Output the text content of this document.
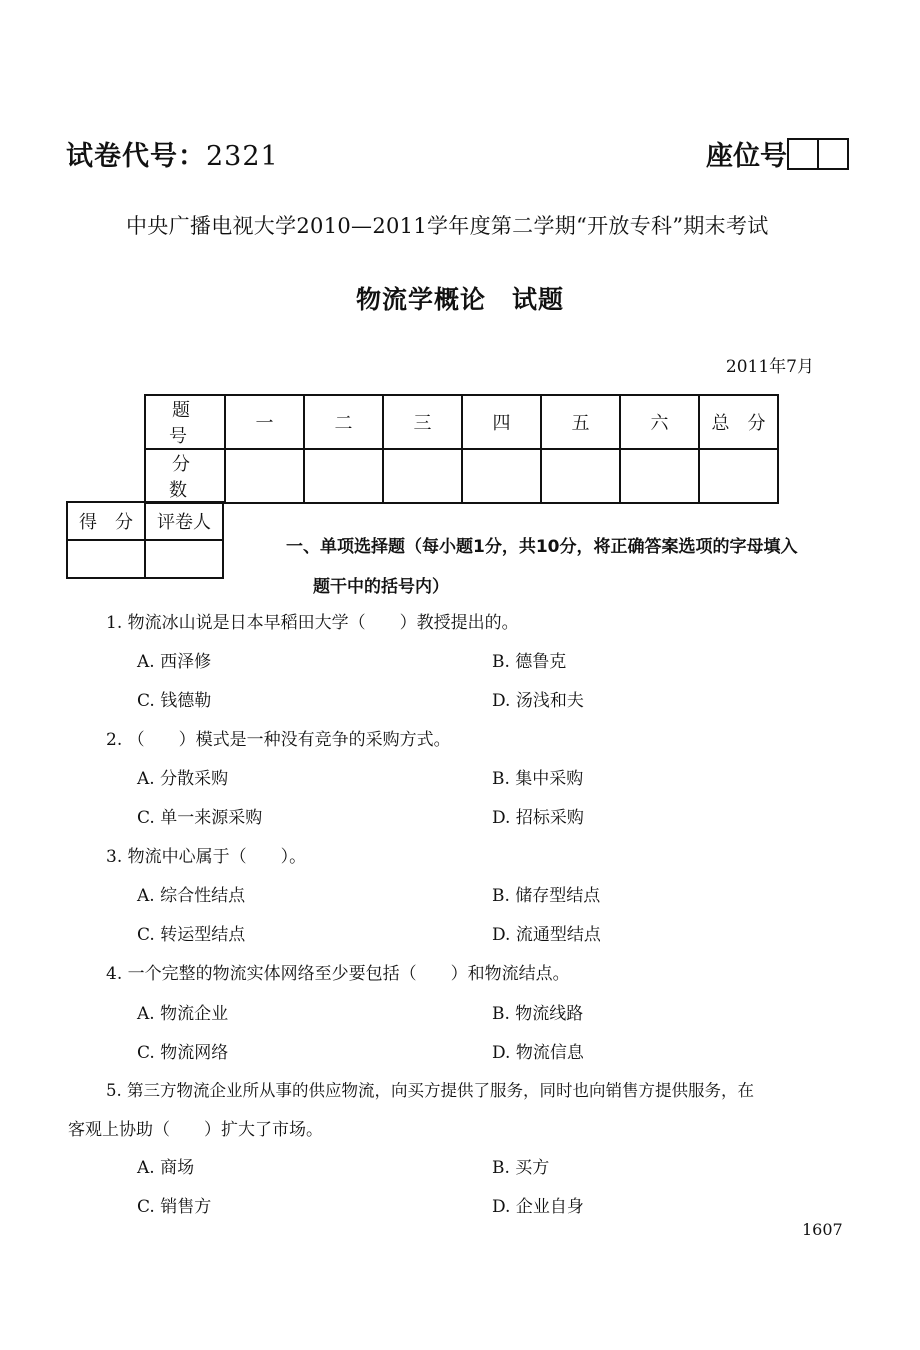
试卷代号：2321	座位号
中央广播电视大学2010—2011学年度第二学期“开放专科”期末考试
物流学概论　试题
2011年7月
题　号	一	二	三	四	五	六	总　分
分　数							
得　分	评卷人

一、单项选择题（每小题1分，共10分，将正确答案选项的字母填入
题干中的括号内）
1. 物流冰山说是日本早稻田大学（　　）教授提出的。
A. 西泽修	B. 德鲁克
C. 钱德勒	D. 汤浅和夫
2. （　　）模式是一种没有竞争的采购方式。
A. 分散采购	B. 集中采购
C. 单一来源采购	D. 招标采购
3. 物流中心属于（　　）。
A. 综合性结点	B. 储存型结点
C. 转运型结点	D. 流通型结点
4. 一个完整的物流实体网络至少要包括（　　）和物流结点。
A. 物流企业	B. 物流线路
C. 物流网络	D. 物流信息
5. 第三方物流企业所从事的供应物流，向买方提供了服务，同时也向销售方提供服务，在
客观上协助（　　）扩大了市场。
A. 商场	B. 买方
C. 销售方	D. 企业自身
1607
